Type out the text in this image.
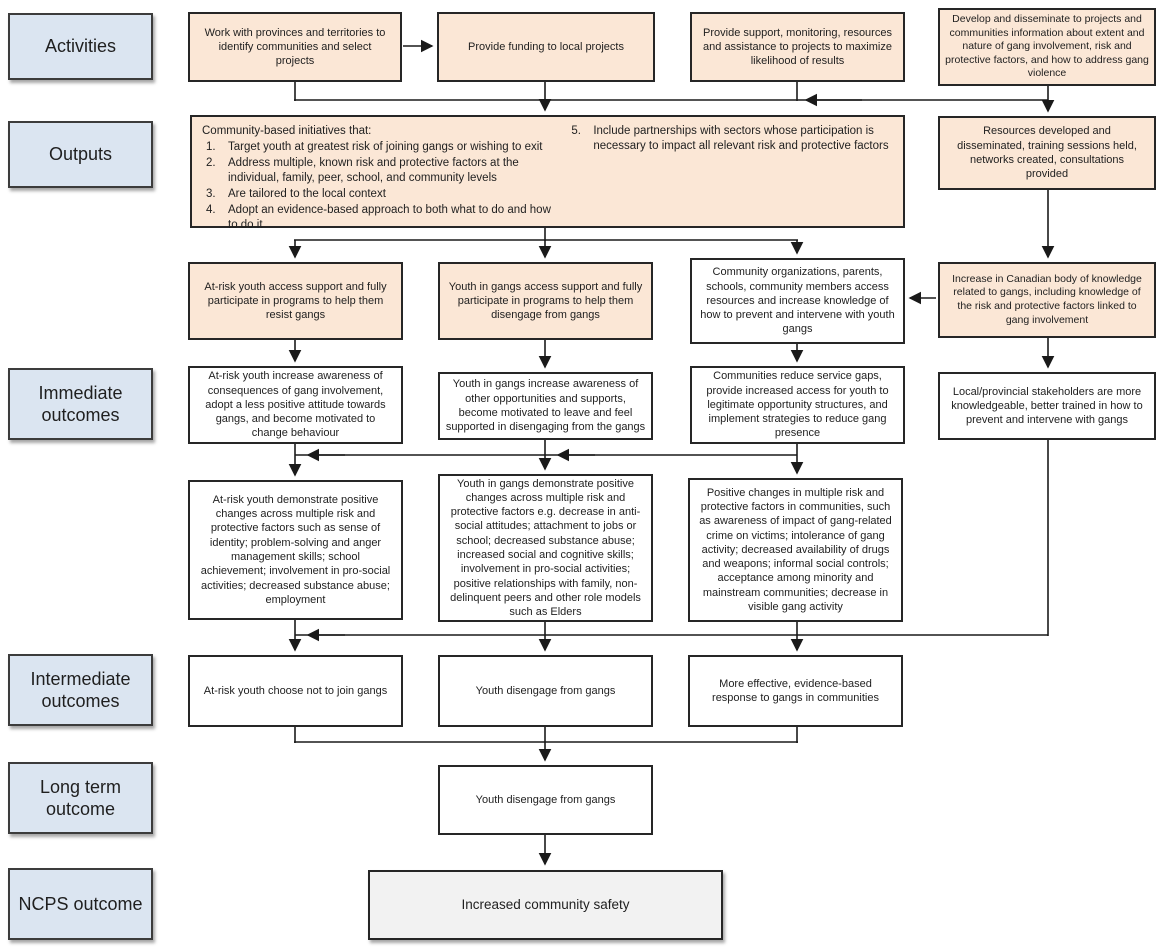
Activities
Outputs
Immediate outcomes
Intermediate outcomes
Long term outcome
NCPS outcome
Work with provinces and territories to identify communities and select projects
Provide funding to local projects
Provide support, monitoring, resources and assistance to projects to maximize likelihood of results
Develop and disseminate to projects and communities information about extent and nature of gang involvement, risk and protective factors, and how to address gang violence

Community-based initiatives that:

1.	Target youth at greatest risk of joining gangs or wishing to exit
2.	Address multiple, known risk and protective factors at the individual, family, peer, school, and community levels
3.	Are tailored to the local context
4.	Adopt an evidence-based approach to both what to do and how to do it
5.	Include partnerships with sectors whose participation is necessary to impact all relevant risk and protective factors
Resources developed and disseminated, training sessions held, networks created, consultations provided
At-risk youth access support and fully participate in programs to help them resist gangs
Youth in gangs access support and fully participate in programs to help them disengage from gangs
Community organizations, parents, schools, community members access resources and increase knowledge of how to prevent and intervene with youth gangs
Increase in Canadian body of knowledge related to gangs, including knowledge of the risk and protective factors linked to gang involvement
At-risk youth increase awareness of consequences of gang involvement, adopt a less positive attitude towards gangs, and become motivated to change behaviour
Youth in gangs increase awareness of other opportunities and supports, become motivated to leave and feel supported in disengaging from the gangs
Communities reduce service gaps, provide increased access for youth to legitimate opportunity structures, and implement strategies to reduce gang presence
Local/provincial stakeholders are more knowledgeable, better trained in how to prevent and intervene with gangs
At-risk youth demonstrate positive changes across multiple risk and protective factors such as sense of identity; problem-solving and anger management skills; school achievement; involvement in pro-social activities; decreased substance abuse; employment
Youth in gangs demonstrate positive changes across multiple risk and protective factors e.g. decrease in anti-social attitudes; attachment to jobs or school; decreased substance abuse; increased social and cognitive skills; involvement in pro-social activities; positive relationships with family, non-delinquent peers and other role models such as Elders
Positive changes in multiple risk and protective factors in communities, such as awareness of impact of gang-related crime on victims; intolerance of gang activity; decreased availability of drugs and weapons; informal social controls; acceptance among minority and mainstream communities; decrease in visible gang activity
At-risk youth choose not to join gangs	Youth disengage from gangs
More effective, evidence-based response to gangs in communities
Youth disengage from gangs
Increased community safety
